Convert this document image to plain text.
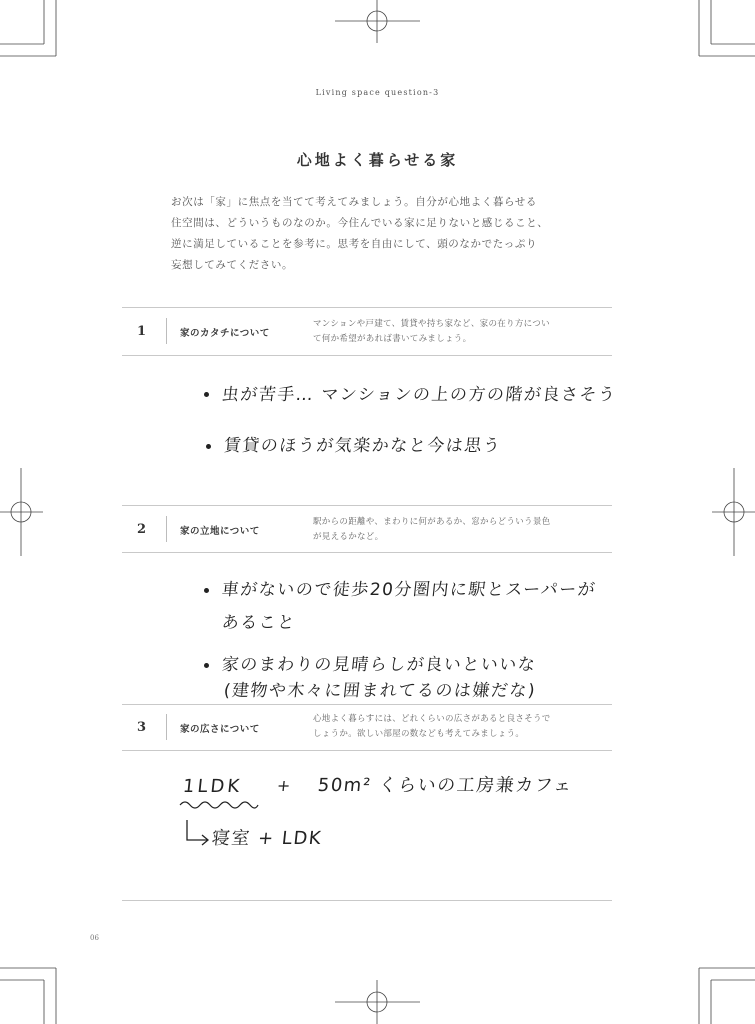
Living space question-3
心地よく暮らせる家
お次は「家」に焦点を当てて考えてみましょう。自分が心地よく暮らせる
住空間は、どういうものなのか。今住んでいる家に足りないと感じること、
逆に満足していることを参考に。思考を自由にして、頭のなかでたっぷり
妄想してみてください。
1	家のカタチについて
マンションや戸建て、賃貸や持ち家など、家の在り方につい
て何か希望があれば書いてみましょう。
虫が苦手… マンションの上の方の階が良さそう
賃貸のほうが気楽かなと今は思う
2	家の立地について
駅からの距離や、まわりに何があるか、窓からどういう景色
が見えるかなど。
車がないので徒歩20分圏内に駅とスーパーが
あること
家のまわりの見晴らしが良いといいな
(建物や木々に囲まれてるのは嫌だな)
3	家の広さについて
心地よく暮らすには、どれくらいの広さがあると良さそうで
しょうか。欲しい部屋の数なども考えてみましょう。
1LDK + 50m² くらいの工房兼カフェ
寝室 + LDK
06
